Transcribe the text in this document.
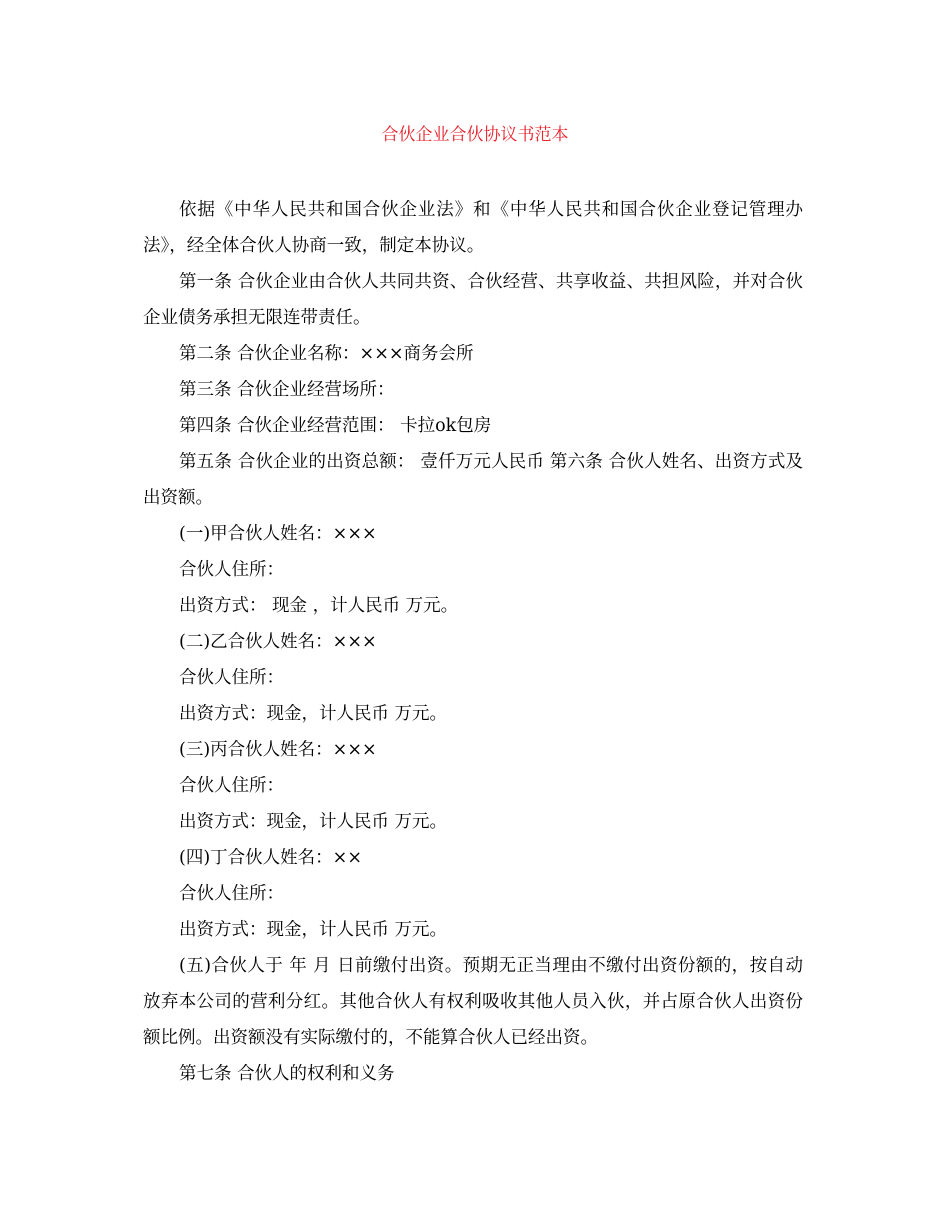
合伙企业合伙协议书范本

依据《中华人民共和国合伙企业法》和《中华人民共和国合伙企业登记管理办法》，经全体合伙人协商一致，制定本协议。

第一条 合伙企业由合伙人共同共资、合伙经营、共享收益、共担风险，并对合伙企业债务承担无限连带责任。

第二条 合伙企业名称：×××商务会所

第三条 合伙企业经营场所：

第四条 合伙企业经营范围： 卡拉ok包房

第五条 合伙企业的出资总额： 壹仟万元人民币 第六条 合伙人姓名、出资方式及出资额。

(一)甲合伙人姓名：×××

合伙人住所：

出资方式： 现金 ，计人民币 万元。

(二)乙合伙人姓名：×××

合伙人住所：

出资方式：现金，计人民币 万元。

(三)丙合伙人姓名：×××

合伙人住所：

出资方式：现金，计人民币 万元。

(四)丁合伙人姓名：××

合伙人住所：

出资方式：现金，计人民币 万元。

(五)合伙人于 年 月 日前缴付出资。预期无正当理由不缴付出资份额的，按自动放弃本公司的营利分红。其他合伙人有权利吸收其他人员入伙，并占原合伙人出资份额比例。出资额没有实际缴付的，不能算合伙人已经出资。

第七条 合伙人的权利和义务
